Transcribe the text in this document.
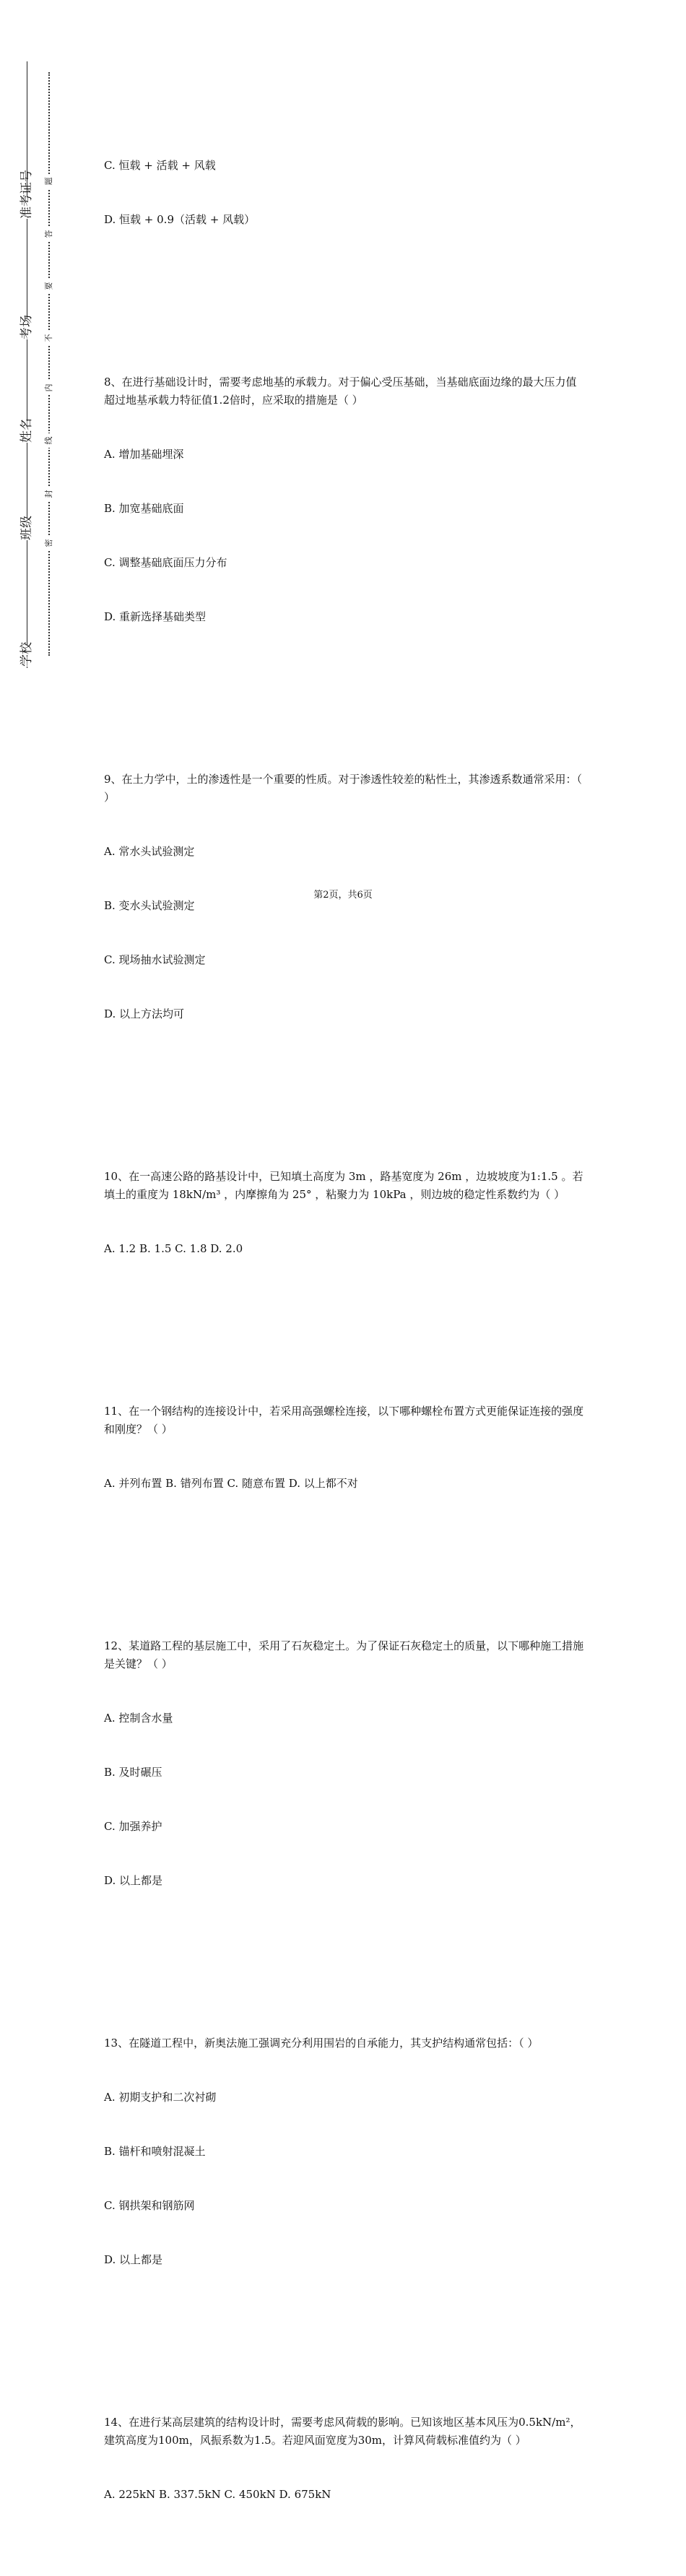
学校
班级
姓名
考场
准考证号
密
封
线
内
不
要
答
题

C. 恒载 + 活载 + 风载

D. 恒载 + 0.9（活载 + 风载）

8、在进行基础设计时，需要考虑地基的承载力。对于偏心受压基础，当基础底面边缘的最大压力值超过地基承载力特征值1.2倍时，应采取的措施是（ ）

A. 增加基础埋深

B. 加宽基础底面

C. 调整基础底面压力分布

D. 重新选择基础类型

9、在土力学中，土的渗透性是一个重要的性质。对于渗透性较差的粘性土，其渗透系数通常采用：（ ）

A. 常水头试验测定

B. 变水头试验测定

C. 现场抽水试验测定

D. 以上方法均可

10、在一高速公路的路基设计中，已知填土高度为 3m ，路基宽度为 26m ，边坡坡度为1:1.5 。若填土的重度为 18kN/m³ ，内摩擦角为 25° ，粘聚力为 10kPa ，则边坡的稳定性系数约为（ ）

A. 1.2 B. 1.5 C. 1.8 D. 2.0

11、在一个钢结构的连接设计中，若采用高强螺栓连接，以下哪种螺栓布置方式更能保证连接的强度和刚度？（ ）

A. 并列布置 B. 错列布置 C. 随意布置 D. 以上都不对

12、某道路工程的基层施工中，采用了石灰稳定土。为了保证石灰稳定土的质量，以下哪种施工措施是关键？（ ）

A. 控制含水量

B. 及时碾压

C. 加强养护

D. 以上都是

13、在隧道工程中，新奥法施工强调充分利用围岩的自承能力，其支护结构通常包括：（ ）

A. 初期支护和二次衬砌

B. 锚杆和喷射混凝土

C. 钢拱架和钢筋网

D. 以上都是

14、在进行某高层建筑的结构设计时，需要考虑风荷载的影响。已知该地区基本风压为0.5kN/m²，建筑高度为100m，风振系数为1.5。若迎风面宽度为30m，计算风荷载标准值约为（ ）

A. 225kN B. 337.5kN C. 450kN D. 675kN

第2页，共6页
